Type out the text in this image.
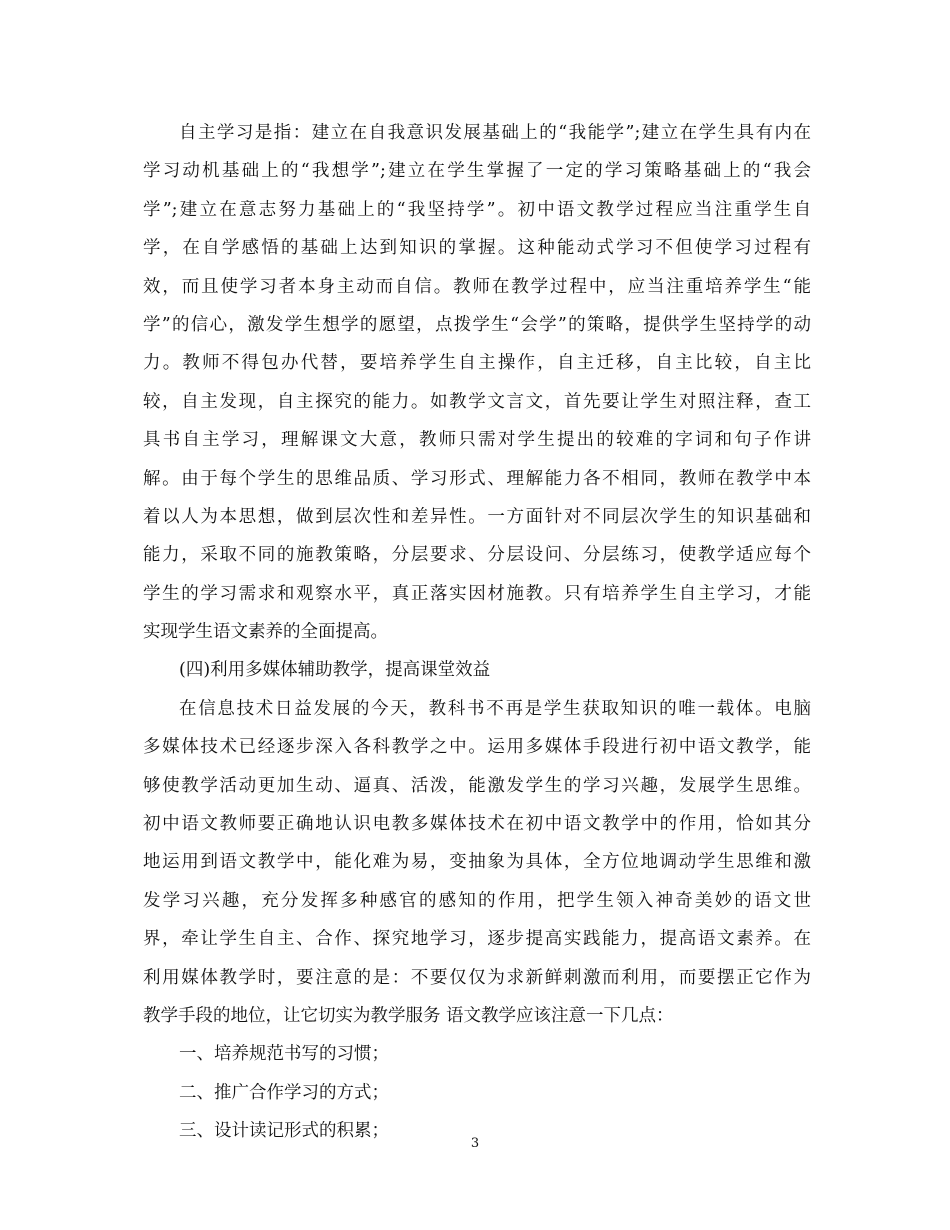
自主学习是指：建立在自我意识发展基础上的“我能学”;建立在学生具有内在
学习动机基础上的“我想学”;建立在学生掌握了一定的学习策略基础上的“我会
学”;建立在意志努力基础上的“我坚持学”。初中语文教学过程应当注重学生自
学，在自学感悟的基础上达到知识的掌握。这种能动式学习不但使学习过程有
效，而且使学习者本身主动而自信。教师在教学过程中，应当注重培养学生“能
学”的信心，激发学生想学的愿望，点拨学生“会学”的策略，提供学生坚持学的动
力。教师不得包办代替，要培养学生自主操作，自主迁移，自主比较，自主比
较，自主发现，自主探究的能力。如教学文言文，首先要让学生对照注释，查工
具书自主学习，理解课文大意，教师只需对学生提出的较难的字词和句子作讲
解。由于每个学生的思维品质、学习形式、理解能力各不相同，教师在教学中本
着以人为本思想，做到层次性和差异性。一方面针对不同层次学生的知识基础和
能力，采取不同的施教策略，分层要求、分层设问、分层练习，使教学适应每个
学生的学习需求和观察水平，真正落实因材施教。只有培养学生自主学习，才能
实现学生语文素养的全面提高。
(四)利用多媒体辅助教学，提高课堂效益
在信息技术日益发展的今天，教科书不再是学生获取知识的唯一载体。电脑
多媒体技术已经逐步深入各科教学之中。运用多媒体手段进行初中语文教学，能
够使教学活动更加生动、逼真、活泼，能激发学生的学习兴趣，发展学生思维。
初中语文教师要正确地认识电教多媒体技术在初中语文教学中的作用，恰如其分
地运用到语文教学中，能化难为易，变抽象为具体，全方位地调动学生思维和激
发学习兴趣，充分发挥多种感官的感知的作用，把学生领入神奇美妙的语文世
界，牵让学生自主、合作、探究地学习，逐步提高实践能力，提高语文素养。在
利用媒体教学时，要注意的是：不要仅仅为求新鲜刺激而利用，而要摆正它作为
教学手段的地位，让它切实为教学服务 语文教学应该注意一下几点：
一、培养规范书写的习惯；
二、推广合作学习的方式；
三、设计读记形式的积累；
3
